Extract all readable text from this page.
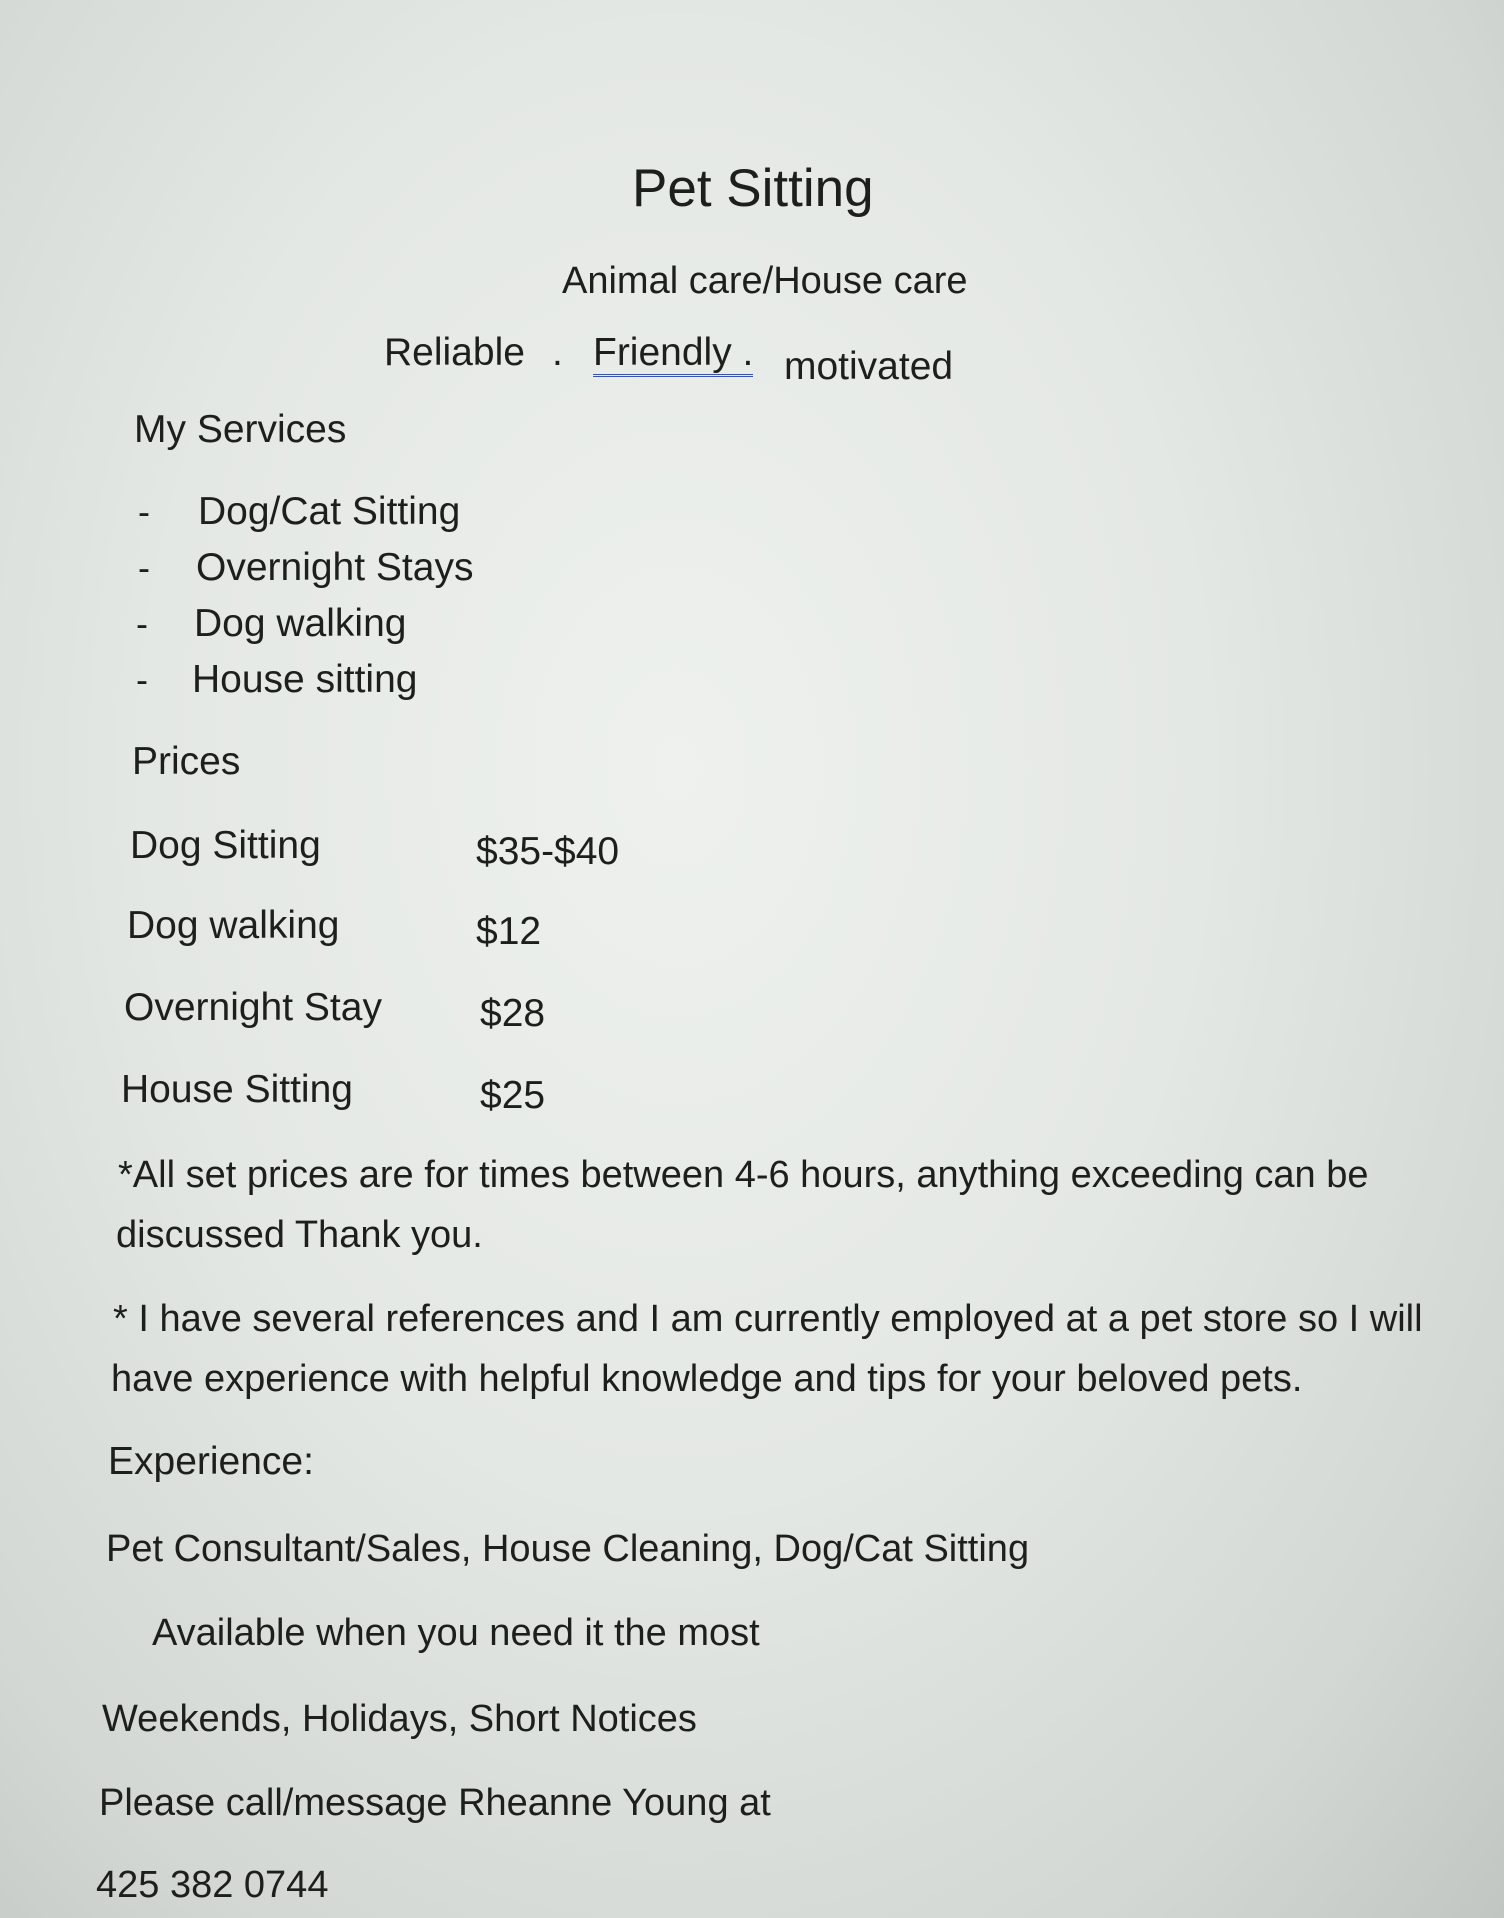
Pet Sitting
Animal care/House care
Reliable . Friendly . motivated
My Services
- Dog/Cat Sitting
- Overnight Stays
- Dog walking
- House sitting
Prices
Dog Sitting	$35-$40
Dog walking	$12
Overnight Stay	$28
House Sitting	$25
*All set prices are for times between 4-6 hours, anything exceeding can be
discussed Thank you.
* I have several references and I am currently employed at a pet store so I will
have experience with helpful knowledge and tips for your beloved pets.
Experience:
Pet Consultant/Sales, House Cleaning, Dog/Cat Sitting
Available when you need it the most
Weekends, Holidays, Short Notices
Please call/message Rheanne Young at
425 382 0744
